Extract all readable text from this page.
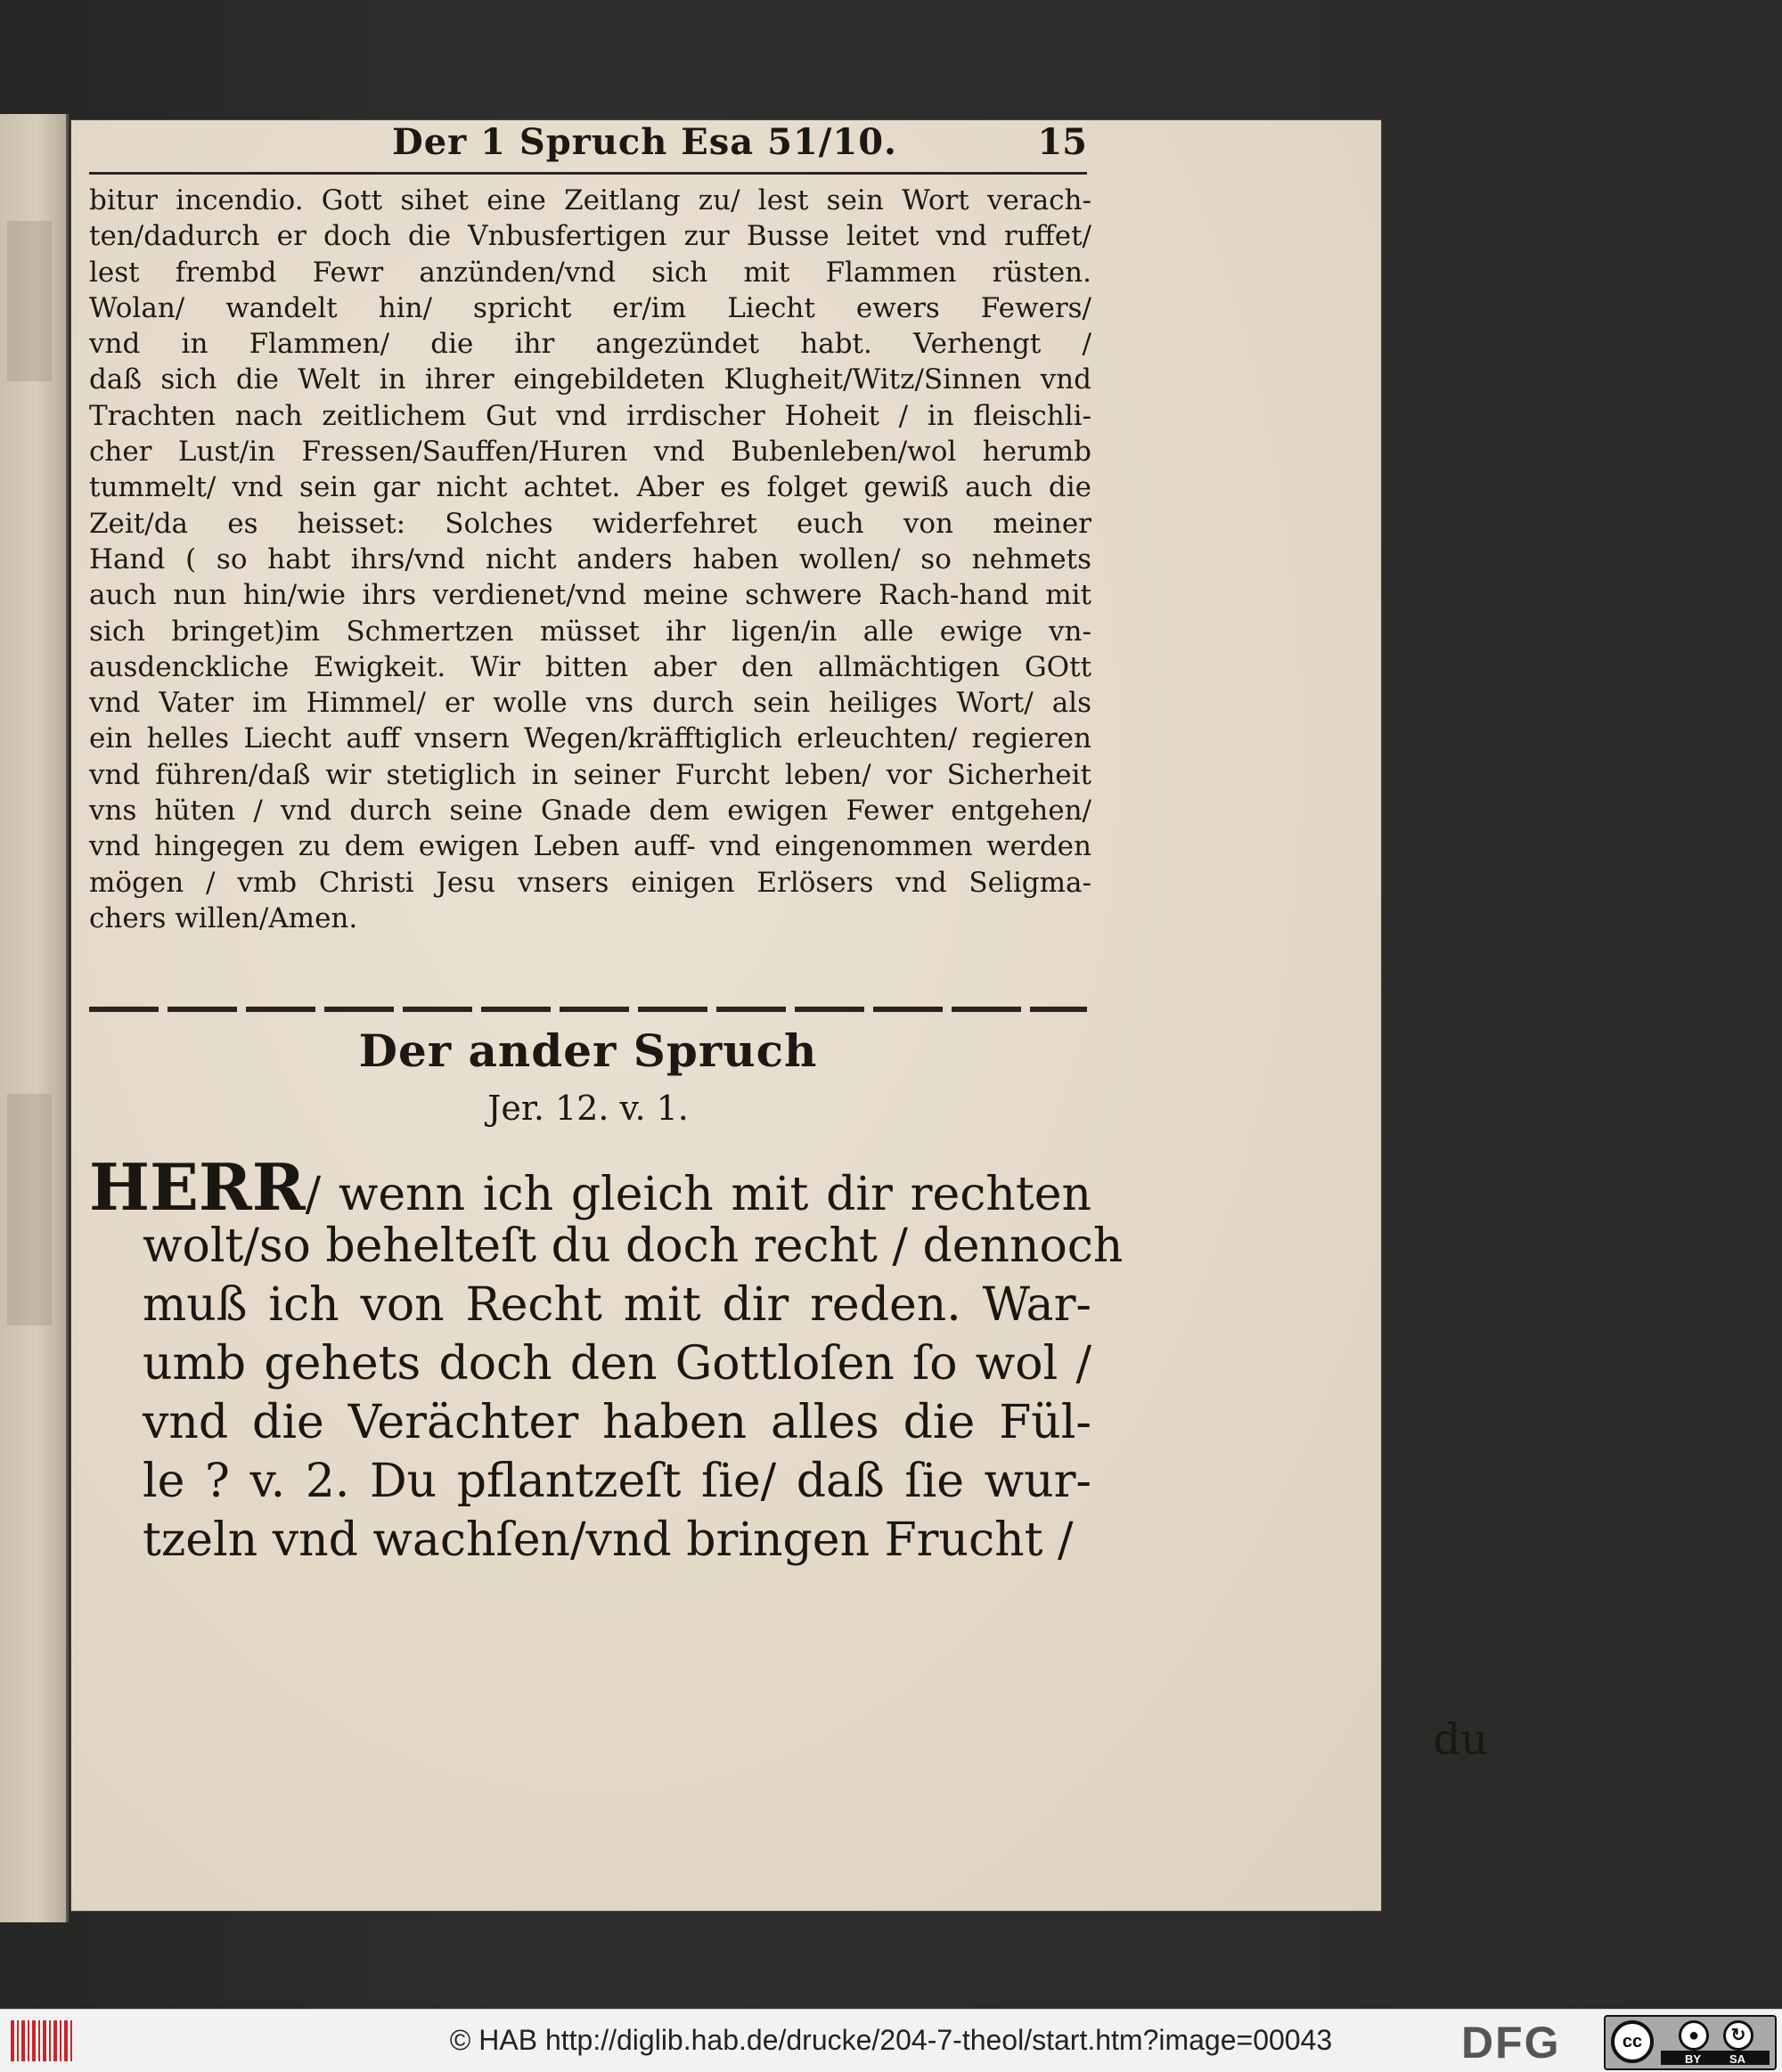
Der 1 Spruch Esa 51/10.	15
bitur incendio. Gott sihet eine Zeitlang zu/ lest sein Wort verach-
ten/dadurch er doch die Vnbusfertigen zur Busse leitet vnd ruffet/
lest frembd Fewr anzünden/vnd sich mit Flammen rüsten.
Wolan/ wandelt hin/ spricht er/im Liecht ewers Fewers/
vnd in Flammen/ die ihr angezündet habt. Verhengt /
daß sich die Welt in ihrer eingebildeten Klugheit/Witz/Sinnen vnd
Trachten nach zeitlichem Gut vnd irrdischer Hoheit / in fleischli-
cher Lust/in Fressen/Sauffen/Huren vnd Bubenleben/wol herumb
tummelt/ vnd sein gar nicht achtet. Aber es folget gewiß auch die
Zeit/da es heisset: Solches widerfehret euch von meiner
Hand ( so habt ihrs/vnd nicht anders haben wollen/ so nehmets
auch nun hin/wie ihrs verdienet/vnd meine schwere Rach-hand mit
sich bringet)im Schmertzen müsset ihr ligen/in alle ewige vn-
ausdenckliche Ewigkeit. Wir bitten aber den allmächtigen GOtt
vnd Vater im Himmel/ er wolle vns durch sein heiliges Wort/ als
ein helles Liecht auff vnsern Wegen/kräfftiglich erleuchten/ regieren
vnd führen/daß wir stetiglich in seiner Furcht leben/ vor Sicherheit
vns hüten / vnd durch seine Gnade dem ewigen Fewer entgehen/
vnd hingegen zu dem ewigen Leben auff- vnd eingenommen werden
mögen / vmb Christi Jesu vnsers einigen Erlösers vnd Seligma-
chers willen/Amen.
Der ander Spruch
Jer. 12. v. 1.
HERR/ wenn ich gleich mit dir rechten
wolt/so behelteſt du doch recht / dennoch
muß ich von Recht mit dir reden. War-
umb gehets doch den Gottloſen ſo wol /
vnd die Verächter haben alles die Fül-
le ? v. 2. Du pflantzeſt ſie/ daß ſie wur-
tzeln vnd wachſen/vnd bringen Frucht /
du
© HAB http://diglib.hab.de/drucke/204-7-theol/start.htm?image=00043	DFG	cc	●	↻
BY SA
